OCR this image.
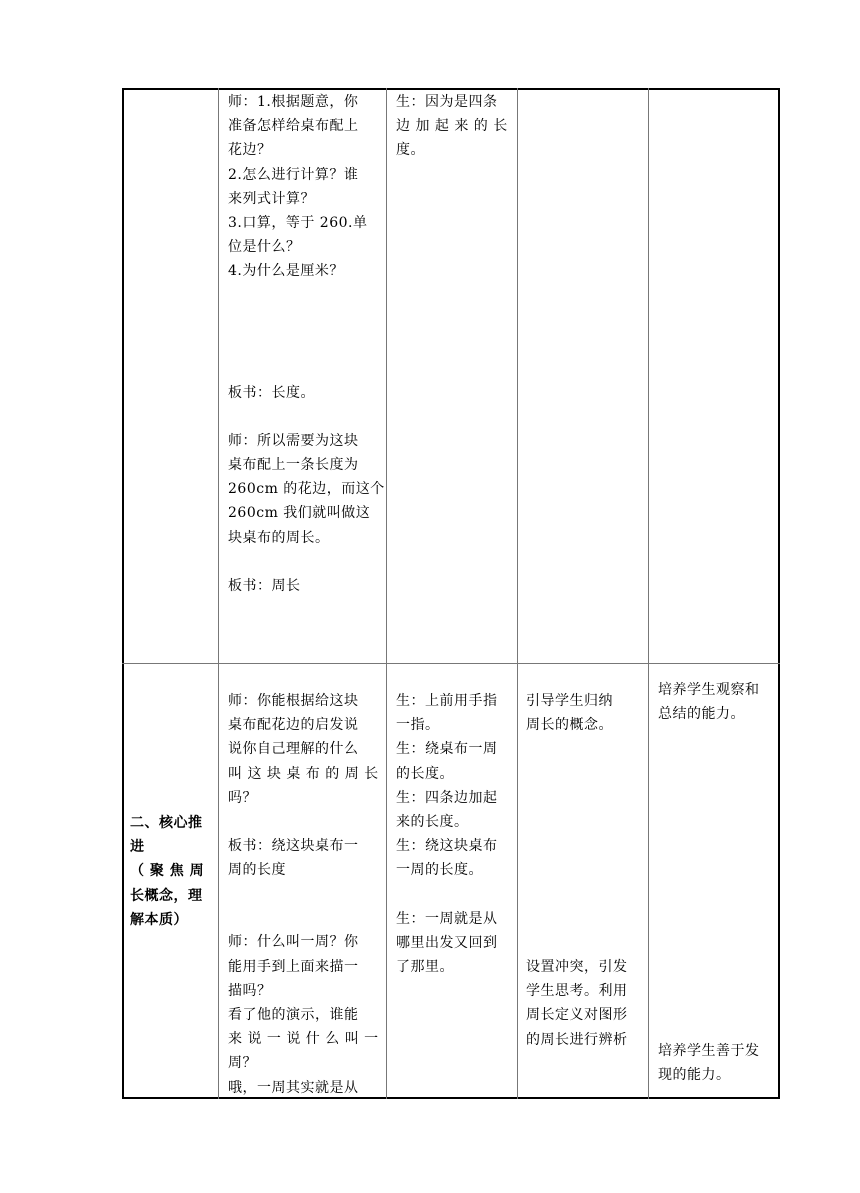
师：1.根据题意，你

准备怎样给桌布配上

花边？

2.怎么进行计算？谁

来列式计算？

3.口算，等于 260.单

位是什么？

4.为什么是厘米？

板书：长度。

师：所以需要为这块

桌布配上一条长度为

260cm 的花边，而这个

260cm 我们就叫做这

块桌布的周长。

板书：周长

生：因为是四条

边 加 起 来 的 长

度。

二、核心推

进

（ 聚 焦 周

长概念，理

解本质）

师：你能根据给这块

桌布配花边的启发说

说你自己理解的什么

叫 这 块 桌 布 的 周 长

吗？

板书：绕这块桌布一

周的长度

师：什么叫一周？你

能用手到上面来描一

描吗？

看了他的演示，谁能

来 说 一 说 什 么 叫 一

周？

哦，一周其实就是从

生：上前用手指

一指。

生：绕桌布一周

的长度。

生：四条边加起

来的长度。

生：绕这块桌布

一周的长度。

生：一周就是从

哪里出发又回到

了那里。

引导学生归纳

周长的概念。

设置冲突，引发

学生思考。利用

周长定义对图形

的周长进行辨析

培养学生观察和

总结的能力。

培养学生善于发

现的能力。
